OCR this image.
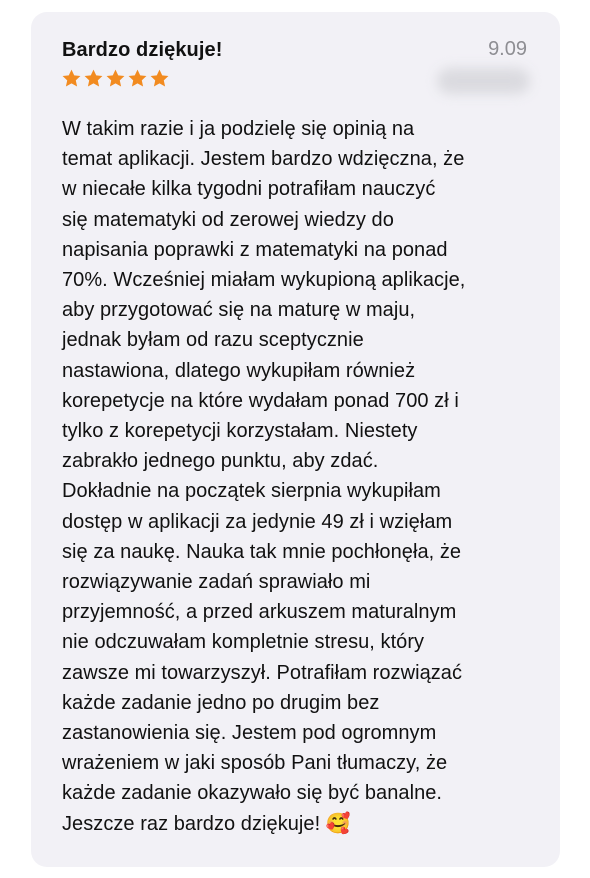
Bardzo dziękuje!	9.09
W takim razie i ja podzielę się opinią na
temat aplikacji. Jestem bardzo wdzięczna, że
w niecałe kilka tygodni potrafiłam nauczyć
się matematyki od zerowej wiedzy do
napisania poprawki z matematyki na ponad
70%. Wcześniej miałam wykupioną aplikacje,
aby przygotować się na maturę w maju,
jednak byłam od razu sceptycznie
nastawiona, dlatego wykupiłam również
korepetycje na które wydałam ponad 700 zł i
tylko z korepetycji korzystałam. Niestety
zabrakło jednego punktu, aby zdać.
Dokładnie na początek sierpnia wykupiłam
dostęp w aplikacji za jedynie 49 zł i wzięłam
się za naukę. Nauka tak mnie pochłonęła, że
rozwiązywanie zadań sprawiało mi
przyjemność, a przed arkuszem maturalnym
nie odczuwałam kompletnie stresu, który
zawsze mi towarzyszył. Potrafiłam rozwiązać
każde zadanie jedno po drugim bez
zastanowienia się. Jestem pod ogromnym
wrażeniem w jaki sposób Pani tłumaczy, że
każde zadanie okazywało się być banalne.
Jeszcze raz bardzo dziękuje! 🥰
